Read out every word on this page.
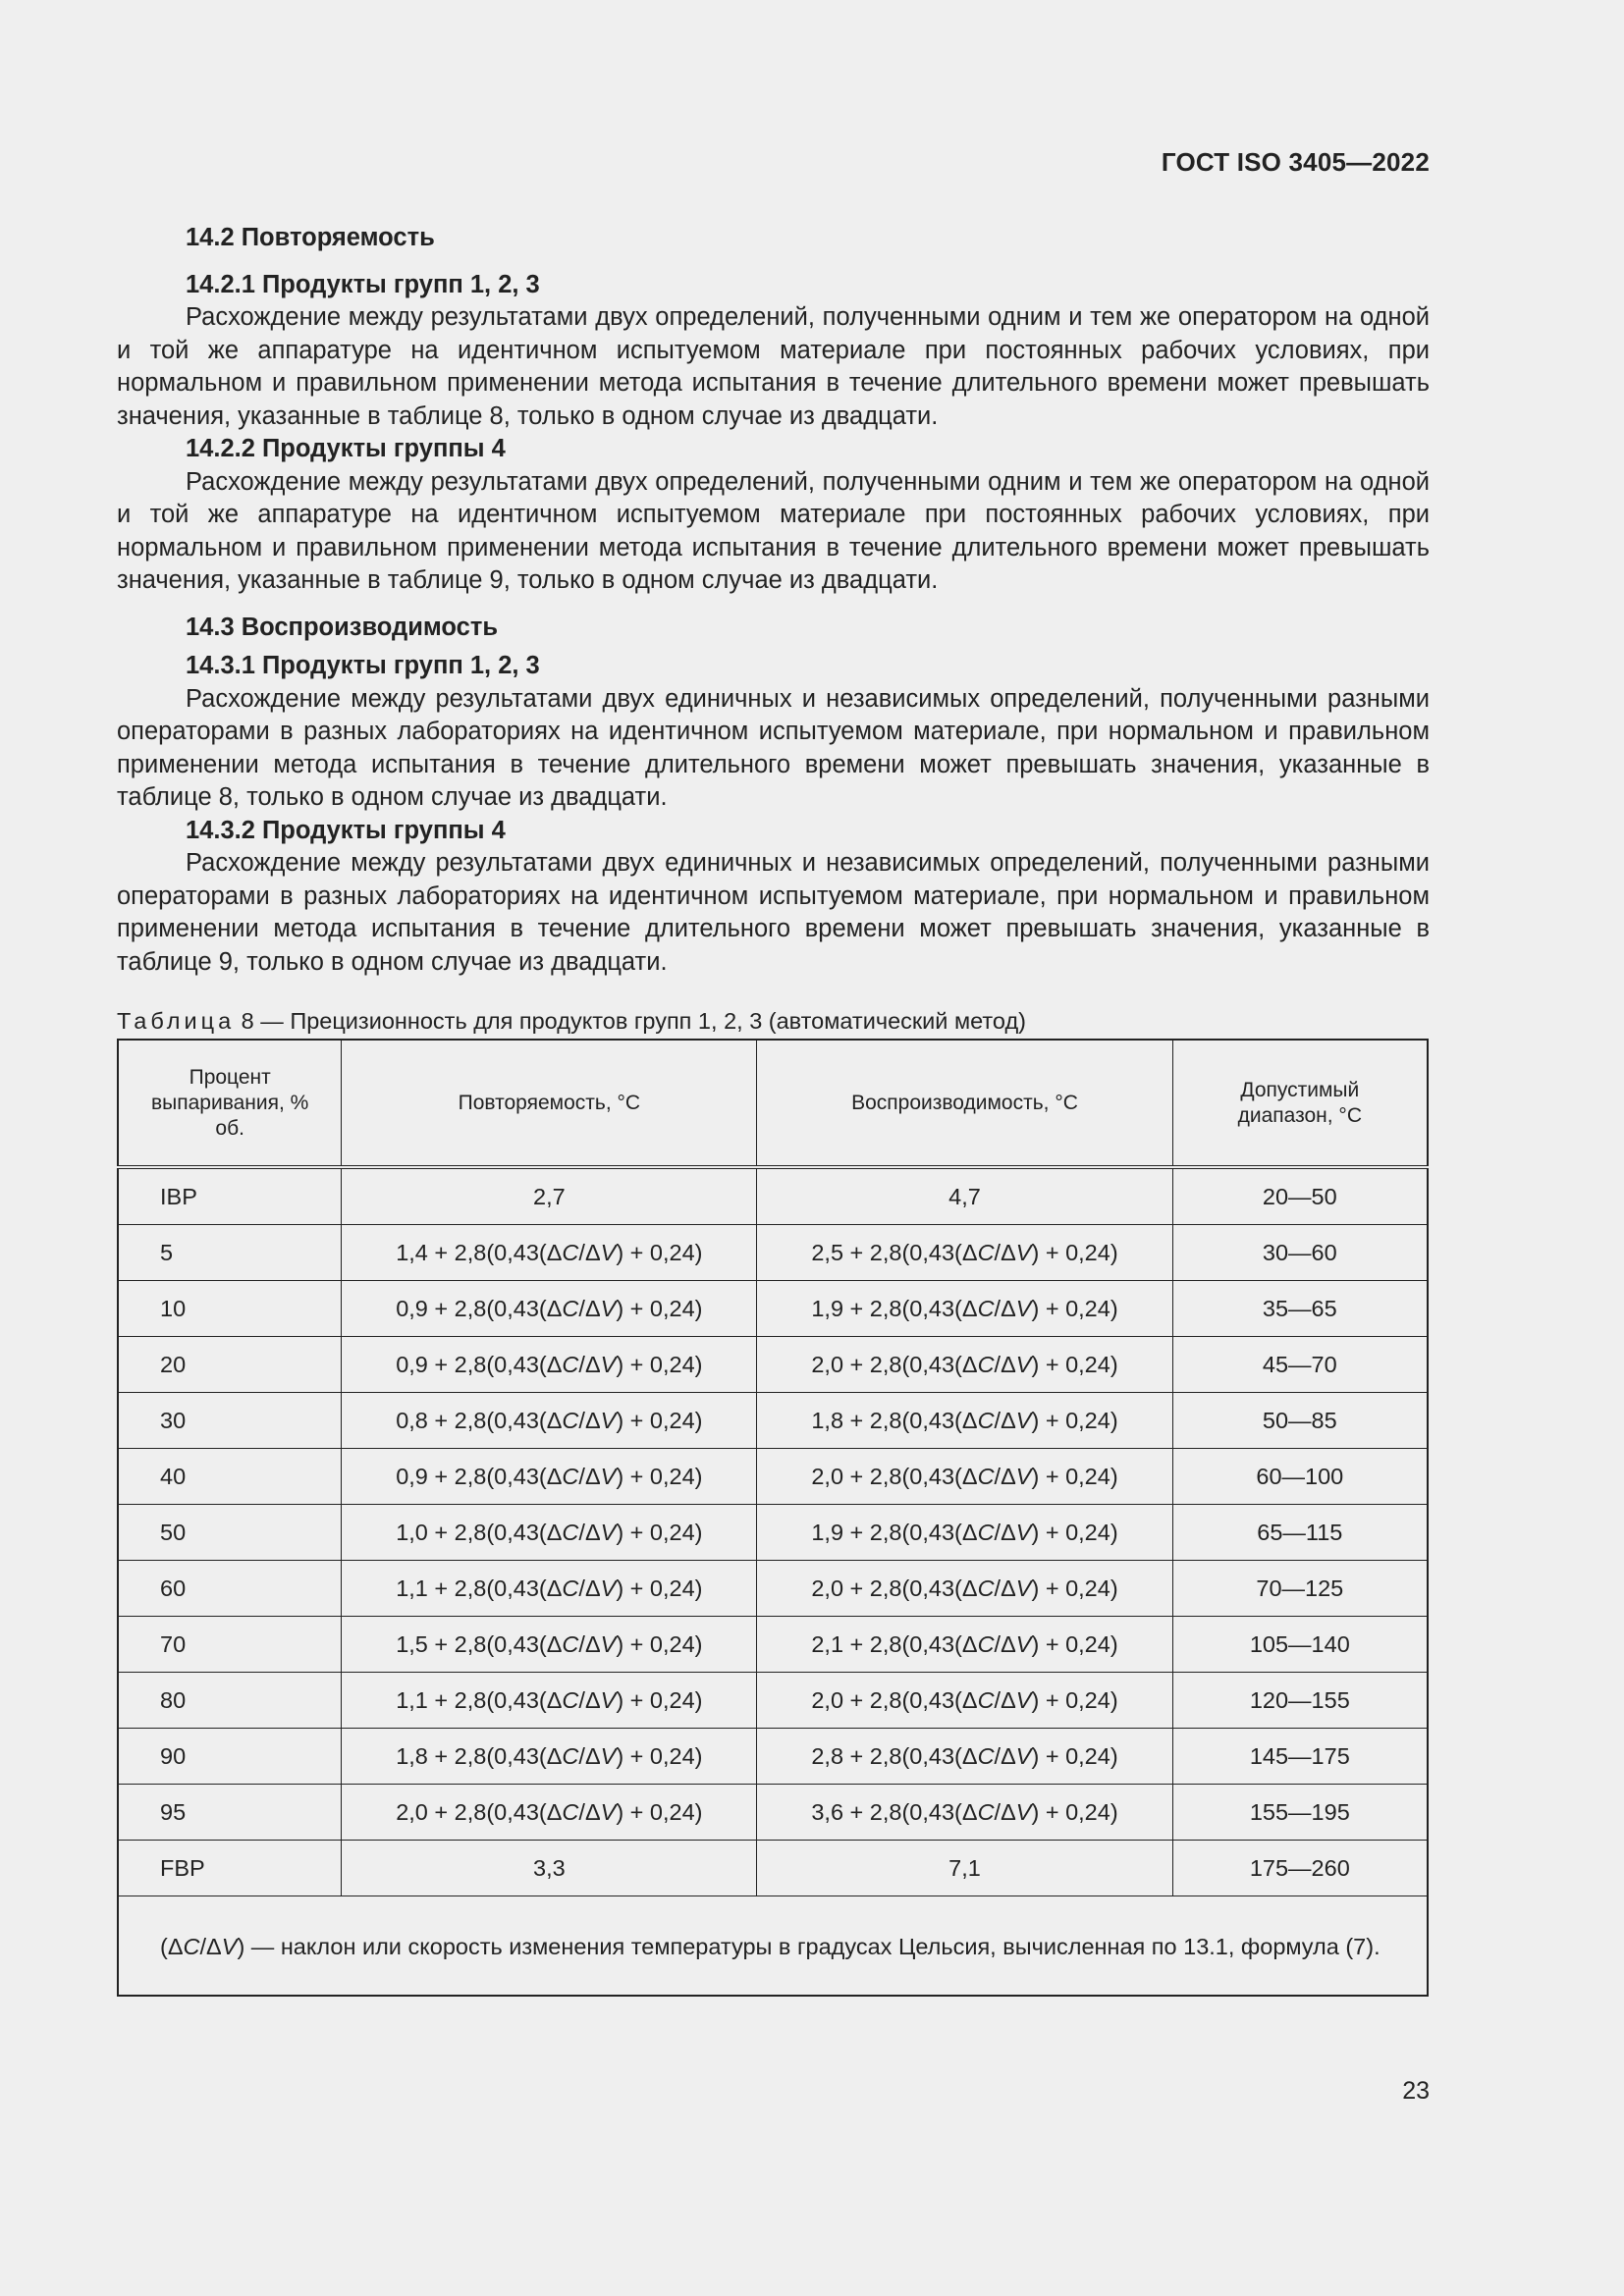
ГОСТ ISO 3405—2022
14.2 Повторяемость
14.2.1 Продукты групп 1, 2, 3

Расхождение между результатами двух определений, полученными одним и тем же оператором на одной и той же аппаратуре на идентичном испытуемом материале при постоянных рабочих условиях, при нормальном и правильном применении метода испытания в течение длительного времени может превышать значения, указанные в таблице 8, только в одном случае из двадцати.

14.2.2 Продукты группы 4

Расхождение между результатами двух определений, полученными одним и тем же оператором на одной и той же аппаратуре на идентичном испытуемом материале при постоянных рабочих условиях, при нормальном и правильном применении метода испытания в течение длительного времени может превышать значения, указанные в таблице 9, только в одном случае из двадцати.

14.3 Воспроизводимость
14.3.1 Продукты групп 1, 2, 3

Расхождение между результатами двух единичных и независимых определений, полученными разными операторами в разных лабораториях на идентичном испытуемом материале, при нормальном и правильном применении метода испытания в течение длительного времени может превышать значения, указанные в таблице 8, только в одном случае из двадцати.

14.3.2 Продукты группы 4

Расхождение между результатами двух единичных и независимых определений, полученными разными операторами в разных лабораториях на идентичном испытуемом материале, при нормальном и правильном применении метода испытания в течение длительного времени может превышать значения, указанные в таблице 9, только в одном случае из двадцати.

Таблица 8 — Прецизионность для продуктов групп 1, 2, 3 (автоматический метод)
Процент выпаривания, % об.	Повторяемость, °C	Воспроизводимость, °C	Допустимый диапазон, °C

IBP	2,7	4,7	20—50
5	1,4 + 2,8(0,43(ΔC/ΔV) + 0,24)	2,5 + 2,8(0,43(ΔC/ΔV) + 0,24)	30—60
10	0,9 + 2,8(0,43(ΔC/ΔV) + 0,24)	1,9 + 2,8(0,43(ΔC/ΔV) + 0,24)	35—65
20	0,9 + 2,8(0,43(ΔC/ΔV) + 0,24)	2,0 + 2,8(0,43(ΔC/ΔV) + 0,24)	45—70
30	0,8 + 2,8(0,43(ΔC/ΔV) + 0,24)	1,8 + 2,8(0,43(ΔC/ΔV) + 0,24)	50—85
40	0,9 + 2,8(0,43(ΔC/ΔV) + 0,24)	2,0 + 2,8(0,43(ΔC/ΔV) + 0,24)	60—100
50	1,0 + 2,8(0,43(ΔC/ΔV) + 0,24)	1,9 + 2,8(0,43(ΔC/ΔV) + 0,24)	65—115
60	1,1 + 2,8(0,43(ΔC/ΔV) + 0,24)	2,0 + 2,8(0,43(ΔC/ΔV) + 0,24)	70—125
70	1,5 + 2,8(0,43(ΔC/ΔV) + 0,24)	2,1 + 2,8(0,43(ΔC/ΔV) + 0,24)	105—140
80	1,1 + 2,8(0,43(ΔC/ΔV) + 0,24)	2,0 + 2,8(0,43(ΔC/ΔV) + 0,24)	120—155
90	1,8 + 2,8(0,43(ΔC/ΔV) + 0,24)	2,8 + 2,8(0,43(ΔC/ΔV) + 0,24)	145—175
95	2,0 + 2,8(0,43(ΔC/ΔV) + 0,24)	3,6 + 2,8(0,43(ΔC/ΔV) + 0,24)	155—195
FBP	3,3	7,1	175—260

(ΔC/ΔV) — наклон или скорость изменения температуры в градусах Цельсия, вычисленная по 13.1, формула (7).			
23
